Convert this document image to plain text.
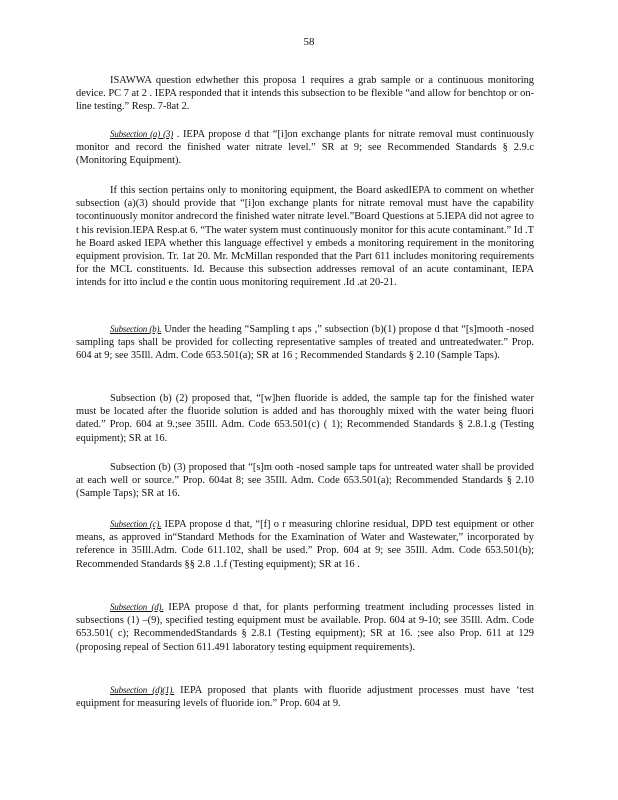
58

ISAWWA question edwhether this proposa 1 requires a grab sample or a continuous monitoring device. PC 7 at 2 . IEPA responded that it intends this subsection to be flexible “and allow for benchtop or on-line testing.” Resp. 7-8at 2.

Subsection (a) (3) . IEPA propose d that “[i]on exchange plants for nitrate removal must continuously monitor and record the finished water nitrate level.” SR at 9; see Recommended Standards § 2.9.c (Monitoring Equipment).

If this section pertains only to monitoring equipment, the Board askedIEPA to comment on whether subsection (a)(3) should provide that “[i]on exchange plants for nitrate removal must have the capability tocontinuously monitor andrecord the finished water nitrate level.”Board Questions at 5.IEPA did not agree to t his revision.IEPA Resp.at 6. “The water system must continuously monitor for this acute contaminant.” Id .T he Board asked IEPA whether this language effectivel y embeds a monitoring requirement in the monitoring equipment provision. Tr. 1at 20. Mr. McMillan responded that the Part 611 includes monitoring requirements for the MCL constituents. Id. Because this subsection addresses removal of an acute contaminant, IEPA intends for itto includ e the contin uous monitoring requirement .Id .at 20-21.

Subsection (b). Under the heading “Sampling t aps ,” subsection (b)(1) propose d that “[s]mooth -nosed sampling taps shall be provided for collecting representative samples of treated and untreatedwater.” Prop. 604 at 9; see 35Ill. Adm. Code 653.501(a); SR at 16 ; Recommended Standards § 2.10 (Sample Taps).

Subsection (b) (2) proposed that, “[w]hen fluoride is added, the sample tap for the finished water must be located after the fluoride solution is added and has thoroughly mixed with the water being fluori dated.” Prop. 604 at 9.;see 35Ill. Adm. Code 653.501(c) ( 1); Recommended Standards § 2.8.1.g (Testing equipment); SR at 16.

Subsection (b) (3) proposed that “[s]m ooth -nosed sample taps for untreated water shall be provided at each well or source.” Prop. 604at 8; see 35Ill. Adm. Code 653.501(a); Recommended Standards § 2.10 (Sample Taps); SR at 16.

Subsection (c). IEPA propose d that, “[f] o r measuring chlorine residual, DPD test equipment or other means, as approved in“Standard Methods for the Examination of Water and Wastewater,” incorporated by reference in 35Ill.Adm. Code 611.102, shall be used.” Prop. 604 at 9; see 35Ill. Adm. Code 653.501(b); Recommended Standards §§ 2.8 .1.f (Testing equipment); SR at 16 .

Subsection (d). IEPA propose d that, for plants performing treatment including processes listed in subsections (1) –(9), specified testing equipment must be available. Prop. 604 at 9-10; see 35Ill. Adm. Code 653.501( c); RecommendedStandards § 2.8.1 (Testing equipment); SR at 16. ;see also Prop. 611 at 129 (proposing repeal of Section 611.491 laboratory testing equipment requirements).

Subsection (d)(1). IEPA proposed that plants with fluoride adjustment processes must have ‘test equipment for measuring levels of fluoride ion.” Prop. 604 at 9.
